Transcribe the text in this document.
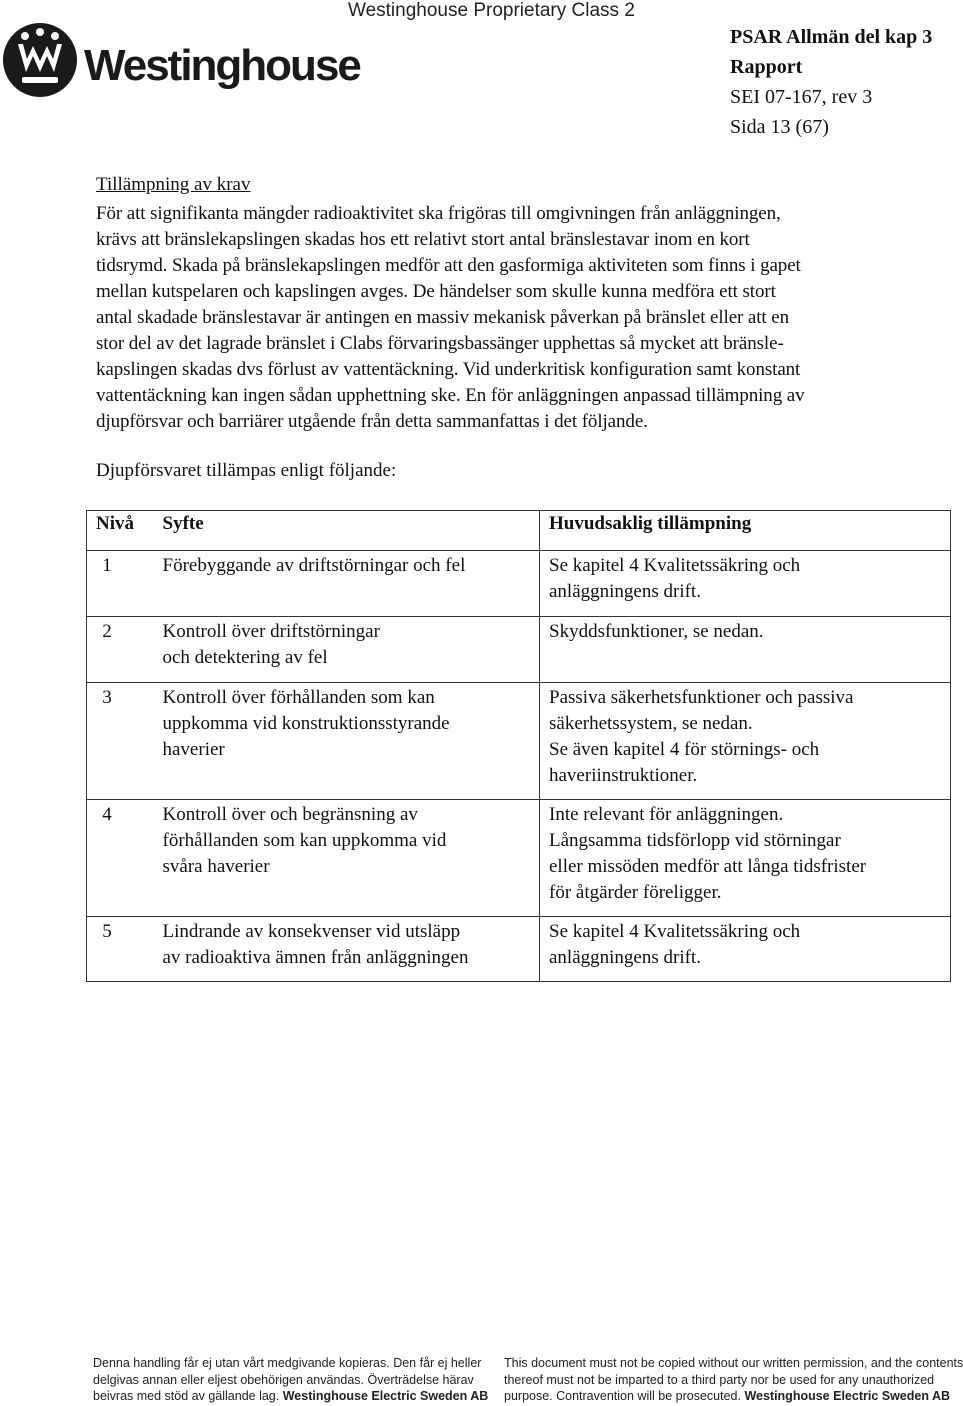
Westinghouse Proprietary Class 2
Westinghouse
PSAR Allmän del kap 3
Rapport
SEI 07-167, rev 3
Sida 13 (67)
Tillämpning av krav
För att signifikanta mängder radioaktivitet ska frigöras till omgivningen från anläggningen,
krävs att bränslekapslingen skadas hos ett relativt stort antal bränslestavar inom en kort
tidsrymd. Skada på bränslekapslingen medför att den gasformiga aktiviteten som finns i gapet
mellan kutspelaren och kapslingen avges. De händelser som skulle kunna medföra ett stort
antal skadade bränslestavar är antingen en massiv mekanisk påverkan på bränslet eller att en
stor del av det lagrade bränslet i Clabs förvaringsbassänger upphettas så mycket att bränsle-
kapslingen skadas dvs förlust av vattentäckning. Vid underkritisk konfiguration samt konstant
vattentäckning kan ingen sådan upphettning ske. En för anläggningen anpassad tillämpning av
djupförsvar och barriärer utgående från detta sammanfattas i det följande.
Djupförsvaret tillämpas enligt följande:
Nivå	Syfte	Huvudsaklig tillämpning

1	Förebyggande av driftstörningar och fel	Se kapitel 4 Kvalitetssäkring och
anläggningens drift.

2	Kontroll över driftstörningar
och detektering av fel	Skyddsfunktioner, se nedan.

3	Kontroll över förhållanden som kan
uppkomma vid konstruktionsstyrande
haverier	Passiva säkerhetsfunktioner och passiva
säkerhetssystem, se nedan.
Se även kapitel 4 för störnings- och
haveriinstruktioner.

4	Kontroll över och begränsning av
förhållanden som kan uppkomma vid
svåra haverier	Inte relevant för anläggningen.
Långsamma tidsförlopp vid störningar
eller missöden medför att långa tidsfrister
för åtgärder föreligger.

5	Lindrande av konsekvenser vid utsläpp
av radioaktiva ämnen från anläggningen	Se kapitel 4 Kvalitetssäkring och
anläggningens drift.
Denna handling får ej utan vårt medgivande kopieras. Den får ej heller
delgivas annan eller eljest obehörigen användas. Överträdelse härav
beivras med stöd av gällande lag. Westinghouse Electric Sweden AB
This document must not be copied without our written permission, and the contents
thereof must not be imparted to a third party nor be used for any unauthorized
purpose. Contravention will be prosecuted. Westinghouse Electric Sweden AB
